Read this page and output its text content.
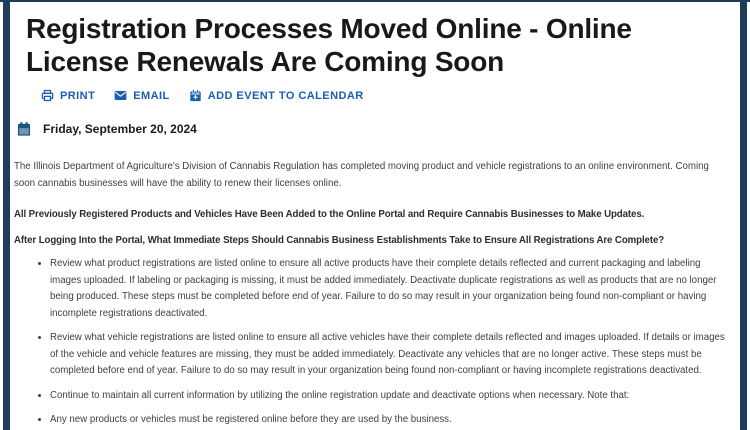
Registration Processes Moved Online - Online License Renewals Are Coming Soon
PRINT	EMAIL	ADD EVENT TO CALENDAR
Friday, September 20, 2024

The Illinois Department of Agriculture's Division of Cannabis Regulation has completed moving product and vehicle registrations to an online environment. Coming soon cannabis businesses will have the ability to renew their licenses online.

All Previously Registered Products and Vehicles Have Been Added to the Online Portal and Require Cannabis Businesses to Make Updates.

After Logging Into the Portal, What Immediate Steps Should Cannabis Business Establishments Take to Ensure All Registrations Are Complete?

• Review what product registrations are listed online to ensure all active products have their complete details reflected and current packaging and labeling images uploaded. If labeling or packaging is missing, it must be added immediately. Deactivate duplicate registrations as well as products that are no longer being produced. These steps must be completed before end of year. Failure to do so may result in your organization being found non-compliant or having incomplete registrations deactivated.
• Review what vehicle registrations are listed online to ensure all active vehicles have their complete details reflected and images uploaded. If details or images of the vehicle and vehicle features are missing, they must be added immediately. Deactivate any vehicles that are no longer active. These steps must be completed before end of year. Failure to do so may result in your organization being found non-compliant or having incomplete registrations deactivated.
• Continue to maintain all current information by utilizing the online registration update and deactivate options when necessary. Note that:
• Any new products or vehicles must be registered online before they are used by the business.
